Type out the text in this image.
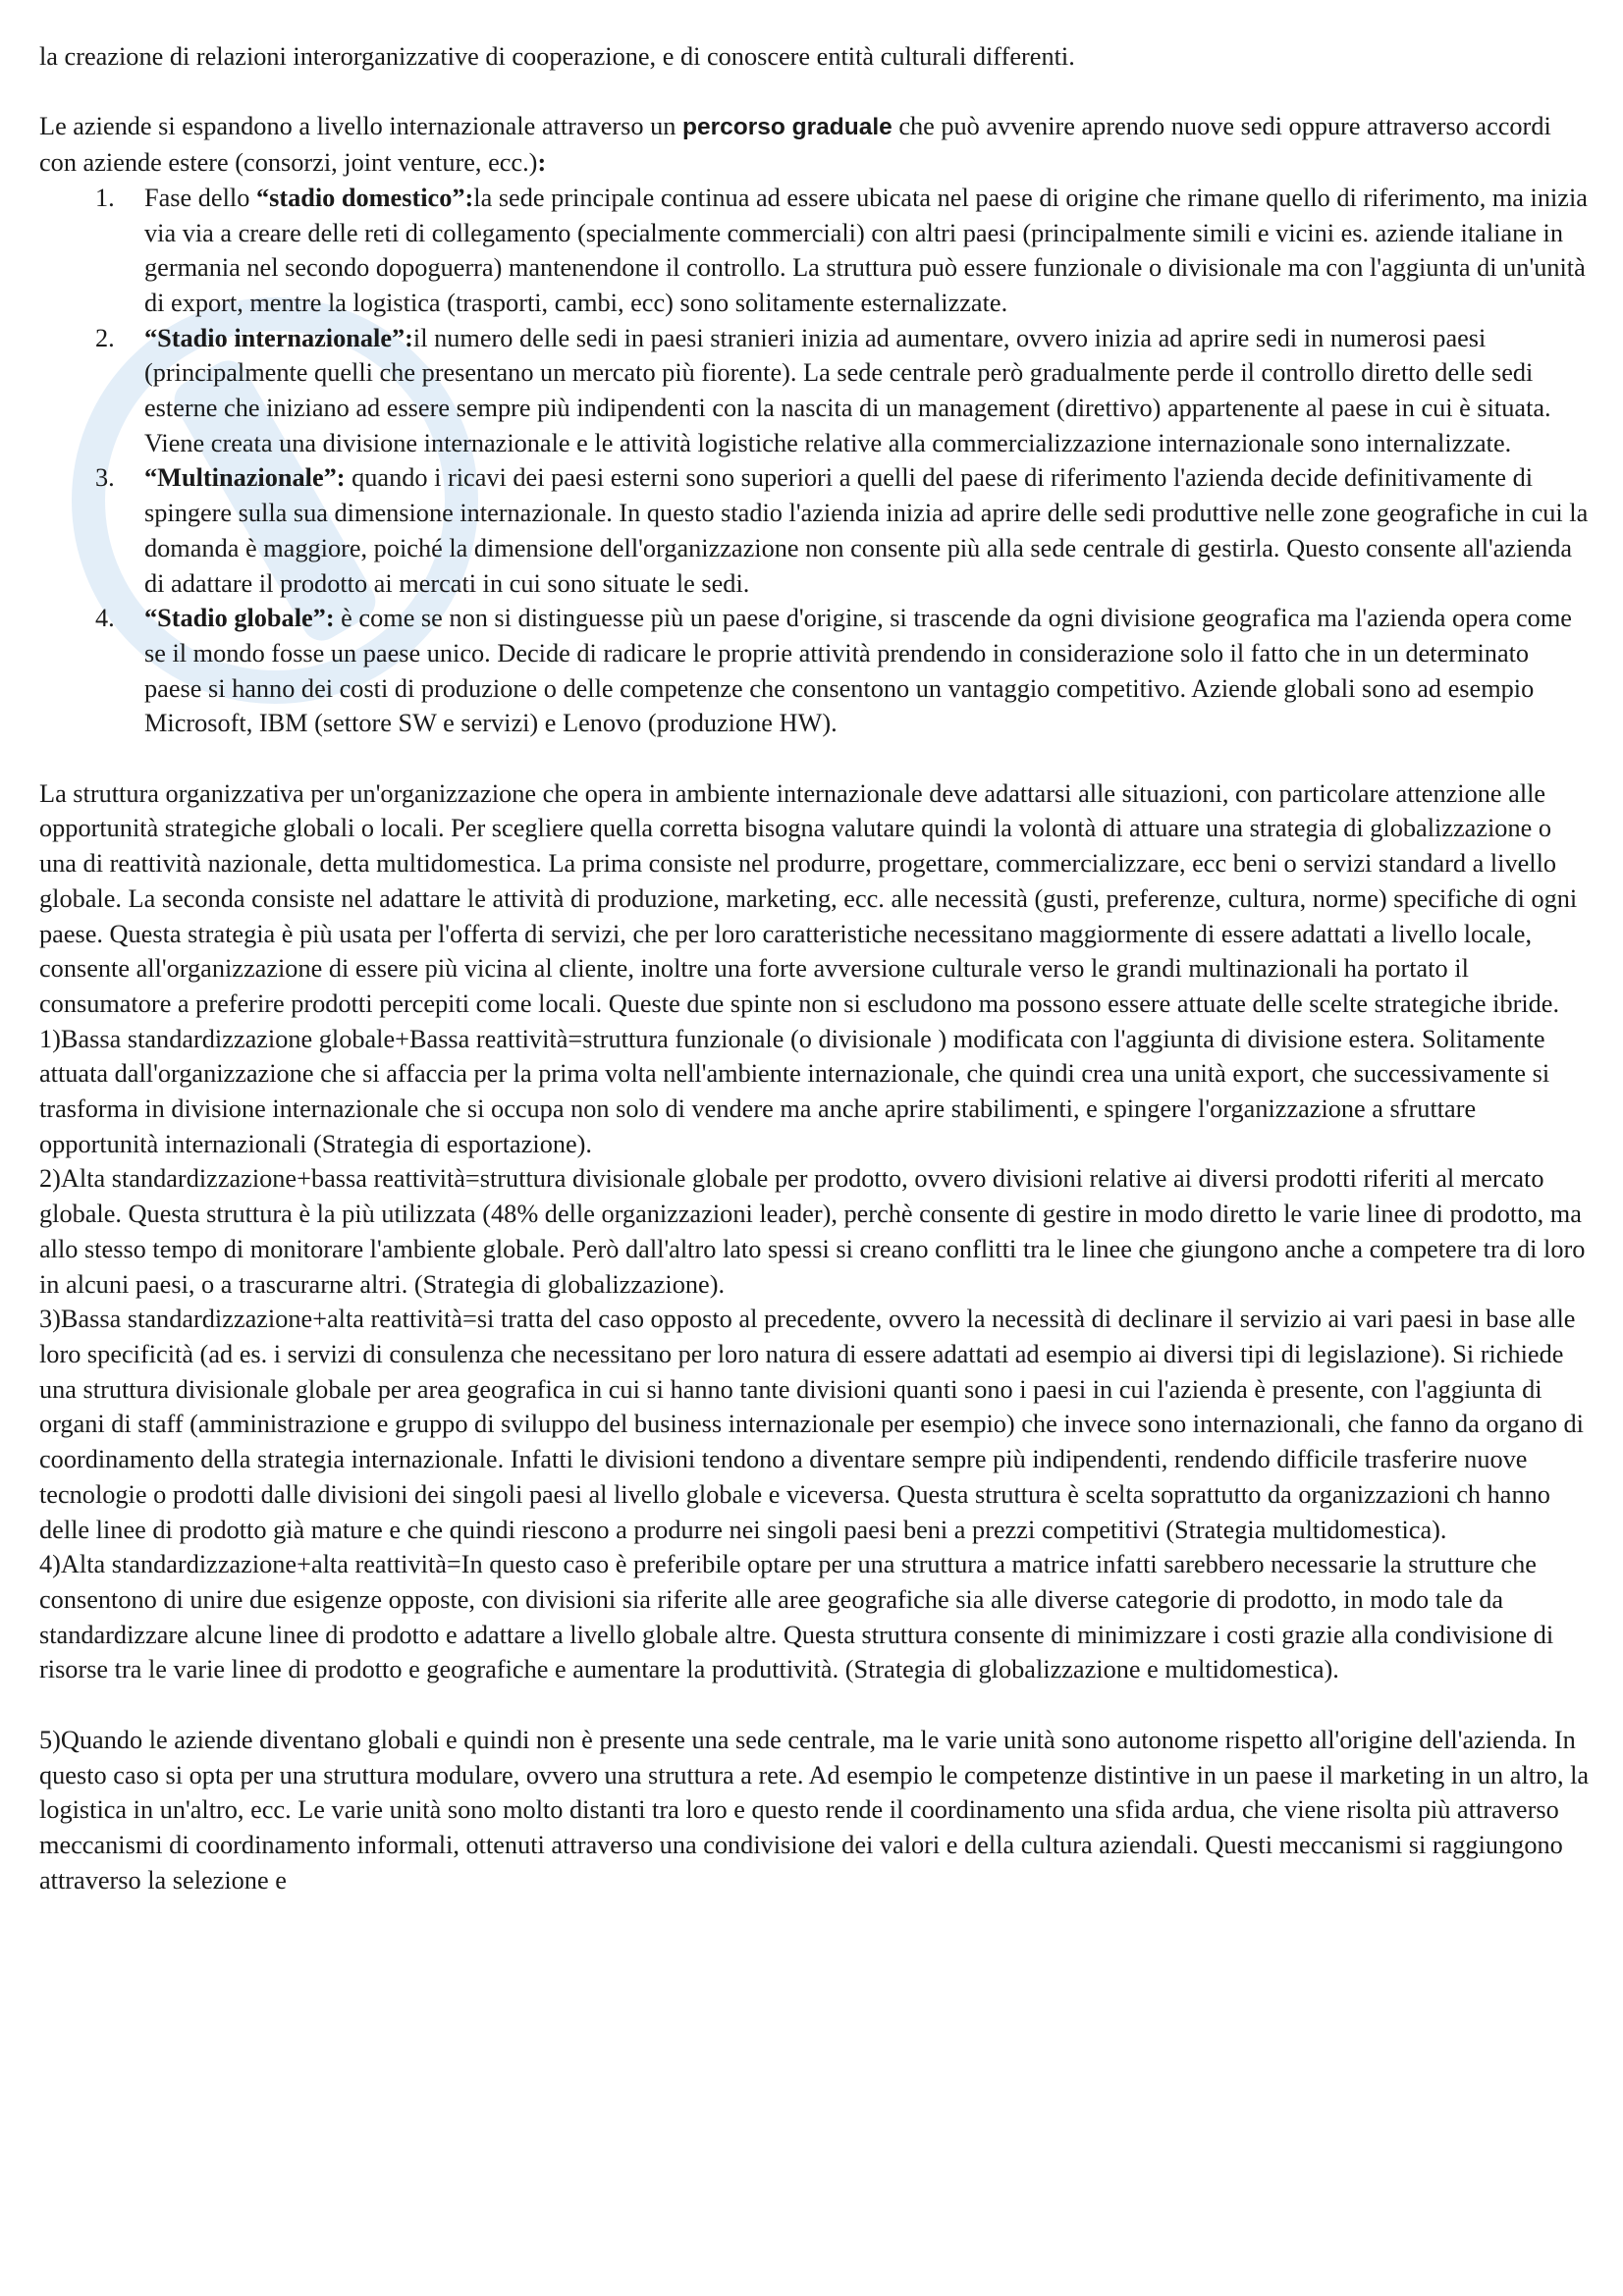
la creazione di relazioni interorganizzative di cooperazione, e di conoscere entità culturali differenti.

Le aziende si espandono a livello internazionale attraverso un percorso graduale che può avvenire aprendo nuove sedi oppure attraverso accordi con aziende estere (consorzi, joint venture, ecc.):

1. Fase dello “stadio domestico”:la sede principale continua ad essere ubicata nel paese di origine che rimane quello di riferimento, ma inizia via via a creare delle reti di collegamento (specialmente commerciali) con altri paesi (principalmente simili e vicini es. aziende italiane in germania nel secondo dopoguerra) mantenendone il controllo. La struttura può essere funzionale o divisionale ma con l'aggiunta di un'unità di export, mentre la logistica (trasporti, cambi, ecc) sono solitamente esternalizzate.
2. “Stadio internazionale”:il numero delle sedi in paesi stranieri inizia ad aumentare, ovvero inizia ad aprire sedi in numerosi paesi (principalmente quelli che presentano un mercato più fiorente). La sede centrale però gradualmente perde il controllo diretto delle sedi esterne che iniziano ad essere sempre più indipendenti con la nascita di un management (direttivo) appartenente al paese in cui è situata. Viene creata una divisione internazionale e le attività logistiche relative alla commercializzazione internazionale sono internalizzate.
3. “Multinazionale”: quando i ricavi dei paesi esterni sono superiori a quelli del paese di riferimento l'azienda decide definitivamente di spingere sulla sua dimensione internazionale. In questo stadio l'azienda inizia ad aprire delle sedi produttive nelle zone geografiche in cui la domanda è maggiore, poiché la dimensione dell'organizzazione non consente più alla sede centrale di gestirla. Questo consente all'azienda di adattare il prodotto ai mercati in cui sono situate le sedi.
4. “Stadio globale”: è come se non si distinguesse più un paese d'origine, si trascende da ogni divisione geografica ma l'azienda opera come se il mondo fosse un paese unico. Decide di radicare le proprie attività prendendo in considerazione solo il fatto che in un determinato paese si hanno dei costi di produzione o delle competenze che consentono un vantaggio competitivo. Aziende globali sono ad esempio Microsoft, IBM (settore SW e servizi) e Lenovo (produzione HW).

La struttura organizzativa per un'organizzazione che opera in ambiente internazionale deve adattarsi alle situazioni, con particolare attenzione alle opportunità strategiche globali o locali. Per scegliere quella corretta bisogna valutare quindi la volontà di attuare una strategia di globalizzazione o una di reattività nazionale, detta multidomestica. La prima consiste nel produrre, progettare, commercializzare, ecc beni o servizi standard a livello globale. La seconda consiste nel adattare le attività di produzione, marketing, ecc. alle necessità (gusti, preferenze, cultura, norme) specifiche di ogni paese. Questa strategia è più usata per l'offerta di servizi, che per loro caratteristiche necessitano maggiormente di essere adattati a livello locale, consente all'organizzazione di essere più vicina al cliente, inoltre una forte avversione culturale verso le grandi multinazionali ha portato il consumatore a preferire prodotti percepiti come locali. Queste due spinte non si escludono ma possono essere attuate delle scelte strategiche ibride.

1)Bassa standardizzazione globale+Bassa reattività=struttura funzionale (o divisionale ) modificata con l'aggiunta di divisione estera. Solitamente attuata dall'organizzazione che si affaccia per la prima volta nell'ambiente internazionale, che quindi crea una unità export, che successivamente si trasforma in divisione internazionale che si occupa non solo di vendere ma anche aprire stabilimenti, e spingere l'organizzazione a sfruttare opportunità internazionali (Strategia di esportazione).

2)Alta standardizzazione+bassa reattività=struttura divisionale globale per prodotto, ovvero divisioni relative ai diversi prodotti riferiti al mercato globale. Questa struttura è la più utilizzata (48% delle organizzazioni leader), perchè consente di gestire in modo diretto le varie linee di prodotto, ma allo stesso tempo di monitorare l'ambiente globale. Però dall'altro lato spessi si creano conflitti tra le linee che giungono anche a competere tra di loro in alcuni paesi, o a trascurarne altri. (Strategia di globalizzazione).

3)Bassa standardizzazione+alta reattività=si tratta del caso opposto al precedente, ovvero la necessità di declinare il servizio ai vari paesi in base alle loro specificità (ad es. i servizi di consulenza che necessitano per loro natura di essere adattati ad esempio ai diversi tipi di legislazione). Si richiede una struttura divisionale globale per area geografica in cui si hanno tante divisioni quanti sono i paesi in cui l'azienda è presente, con l'aggiunta di organi di staff (amministrazione e gruppo di sviluppo del business internazionale per esempio) che invece sono internazionali, che fanno da organo di coordinamento della strategia internazionale. Infatti le divisioni tendono a diventare sempre più indipendenti, rendendo difficile trasferire nuove tecnologie o prodotti dalle divisioni dei singoli paesi al livello globale e viceversa. Questa struttura è scelta soprattutto da organizzazioni ch hanno delle linee di prodotto già mature e che quindi riescono a produrre nei singoli paesi beni a prezzi competitivi (Strategia multidomestica).

4)Alta standardizzazione+alta reattività=In questo caso è preferibile optare per una struttura a matrice infatti sarebbero necessarie la strutture che consentono di unire due esigenze opposte, con divisioni sia riferite alle aree geografiche sia alle diverse categorie di prodotto, in modo tale da standardizzare alcune linee di prodotto e adattare a livello globale altre. Questa struttura consente di minimizzare i costi grazie alla condivisione di risorse tra le varie linee di prodotto e geografiche e aumentare la produttività. (Strategia di globalizzazione e multidomestica).

5)Quando le aziende diventano globali e quindi non è presente una sede centrale, ma le varie unità sono autonome rispetto all'origine dell'azienda. In questo caso si opta per una struttura modulare, ovvero una struttura a rete. Ad esempio le competenze distintive in un paese il marketing in un altro, la logistica in un'altro, ecc. Le varie unità sono molto distanti tra loro e questo rende il coordinamento una sfida ardua, che viene risolta più attraverso meccanismi di coordinamento informali, ottenuti attraverso una condivisione dei valori e della cultura aziendali. Questi meccanismi si raggiungono attraverso la selezione e
